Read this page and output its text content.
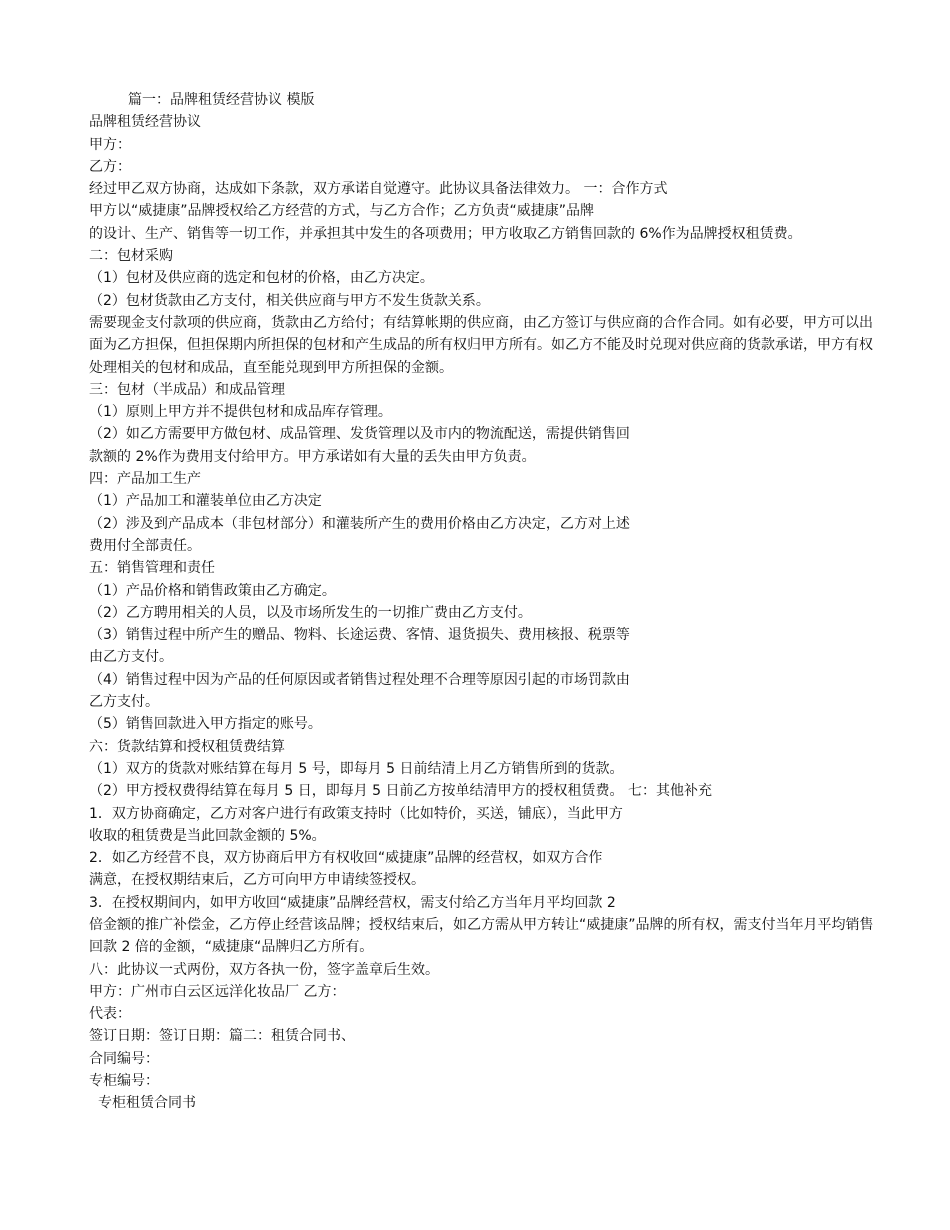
篇一：品牌租赁经营协议 模版
品牌租赁经营协议
甲方：
乙方：
经过甲乙双方协商，达成如下条款，双方承诺自觉遵守。此协议具备法律效力。 一：合作方式
甲方以“威捷康”品牌授权给乙方经营的方式，与乙方合作；乙方负责“威捷康”品牌
的设计、生产、销售等一切工作，并承担其中发生的各项费用；甲方收取乙方销售回款的 6%作为品牌授权租赁费。
二：包材采购
（1）包材及供应商的选定和包材的价格，由乙方决定。
（2）包材货款由乙方支付，相关供应商与甲方不发生货款关系。
需要现金支付款项的供应商，货款由乙方给付；有结算帐期的供应商，由乙方签订与供应商的合作合同。如有必要，甲方可以出面为乙方担保，但担保期内所担保的包材和产生成品的所有权归甲方所有。如乙方不能及时兑现对供应商的货款承诺，甲方有权处理相关的包材和成品，直至能兑现到甲方所担保的金额。
三：包材（半成品）和成品管理
（1）原则上甲方并不提供包材和成品库存管理。
（2）如乙方需要甲方做包材、成品管理、发货管理以及市内的物流配送，需提供销售回
款额的 2%作为费用支付给甲方。甲方承诺如有大量的丢失由甲方负责。
四：产品加工生产
（1）产品加工和灌装单位由乙方决定
（2）涉及到产品成本（非包材部分）和灌装所产生的费用价格由乙方决定，乙方对上述
费用付全部责任。
五：销售管理和责任
（1）产品价格和销售政策由乙方确定。
（2）乙方聘用相关的人员，以及市场所发生的一切推广费由乙方支付。
（3）销售过程中所产生的赠品、物料、长途运费、客情、退货损失、费用核报、税票等
由乙方支付。
（4）销售过程中因为产品的任何原因或者销售过程处理不合理等原因引起的市场罚款由
乙方支付。
（5）销售回款进入甲方指定的账号。
六：货款结算和授权租赁费结算
（1）双方的货款对账结算在每月 5 号，即每月 5 日前结清上月乙方销售所到的货款。
（2）甲方授权费得结算在每月 5 日，即每月 5 日前乙方按单结清甲方的授权租赁费。 七：其他补充
1．双方协商确定，乙方对客户进行有政策支持时（比如特价，买送，铺底），当此甲方
收取的租赁费是当此回款金额的 5%。
2．如乙方经营不良，双方协商后甲方有权收回“威捷康”品牌的经营权，如双方合作
满意，在授权期结束后，乙方可向甲方申请续签授权。
3．在授权期间内，如甲方收回“威捷康”品牌经营权，需支付给乙方当年月平均回款 2
倍金额的推广补偿金，乙方停止经营该品牌；授权结束后，如乙方需从甲方转让“威捷康”品牌的所有权，需支付当年月平均销售回款 2 倍的金额，“威捷康“品牌归乙方所有。
八：此协议一式两份，双方各执一份，签字盖章后生效。
甲方：广州市白云区远洋化妆品厂 乙方：
代表：
签订日期：签订日期：篇二：租赁合同书、
合同编号：
专柜编号：
专柜租赁合同书
